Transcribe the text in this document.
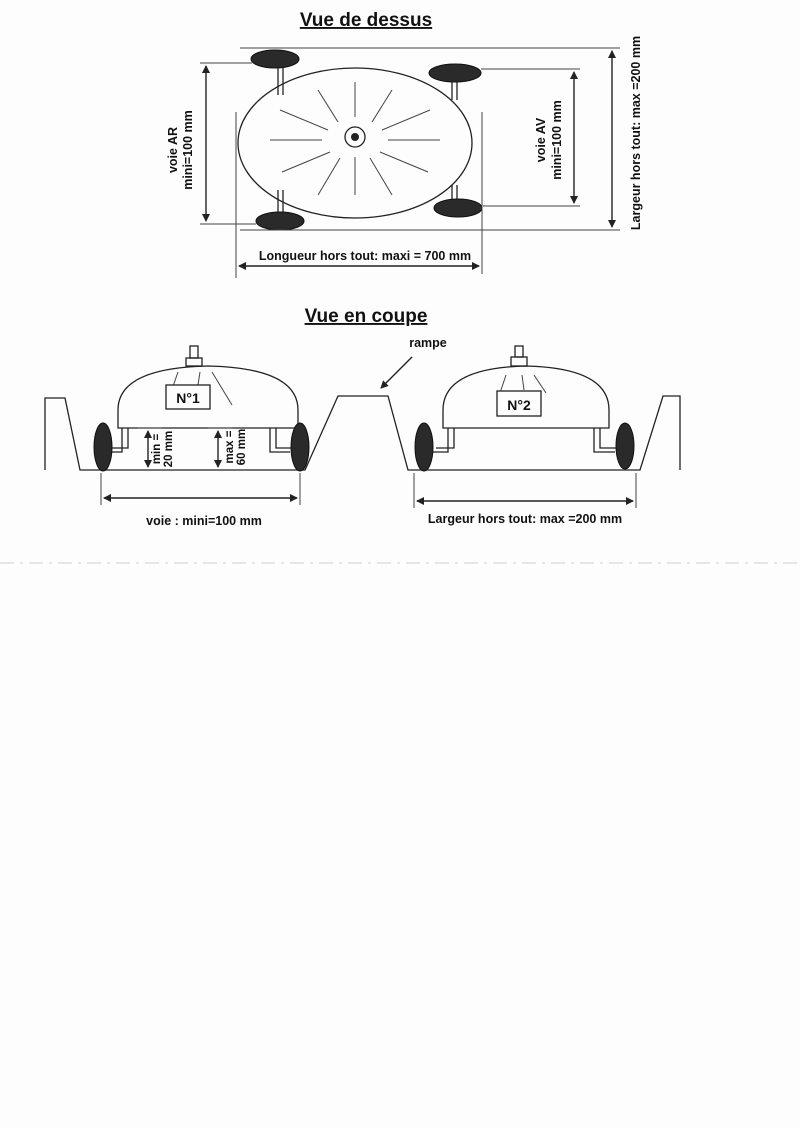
Vue de dessus
voie AR mini=100 mm	voie AV mini=100 mm	Largeur hors tout: max =200 mm
Longueur hors tout: maxi = 700 mm
Vue en coupe
rampe
N°1
min = 20 mm	max = 60 mm
N°2
voie : mini=100 mm	Largeur hors tout: max =200 mm
